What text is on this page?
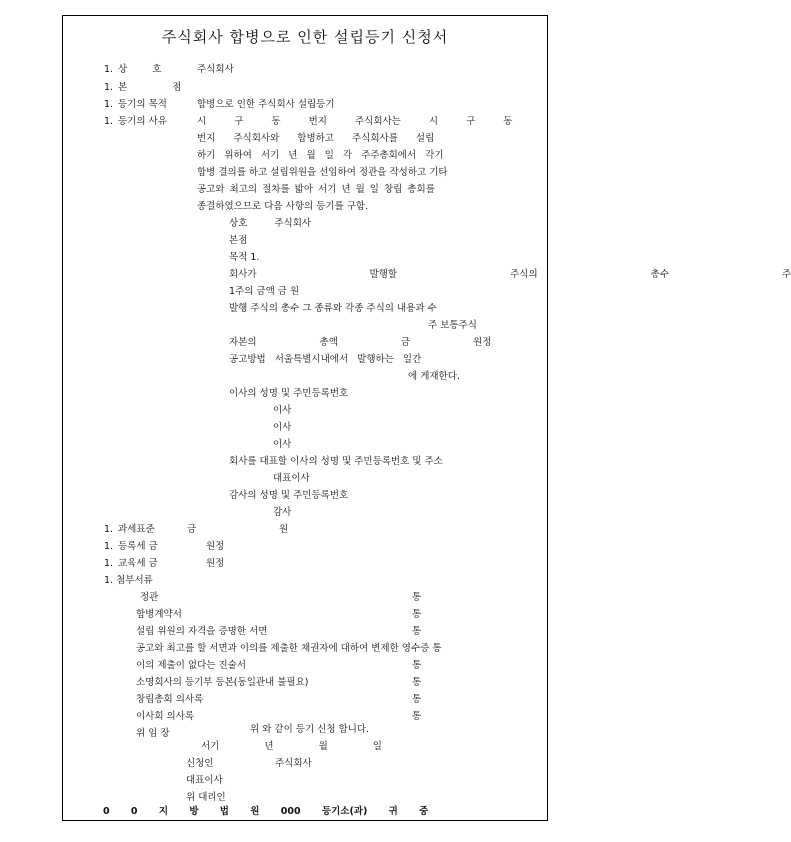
주식회사 합병으로 인한 설립등기 신청서
1. 상 호	주식회사
1. 본 점
1. 등기의 목적	합병으로 인한 주식회사 설립등기
1. 등기의 사유	시 구 동 번지 주식회사는 시 구 동
번지 주식회사와 합병하고 주식회사를 설립
하기 위하여 서기 년 월 일 각 주주총회에서 각기
합병 결의를 하고 설립위원을 선임하여 정관을 작성하고 기타
공고와 최고의 절차를 밟아 서기 년 월 일 창립 총회를
종결하였으므로 다음 사항의 등기를 구함.
상호 주식회사
본점
목적 1.
회사가 발행할 주식의 총수 주
1주의 금액 금 원
발행 주식의 총수 그 종류와 각종 주식의 내용과 수
주 보통주식
자본의 총액 금 원정
공고방법 서울특별시내에서 발행하는 일간
에 게재한다.
이사의 성명 및 주민등록번호
이사
이사
이사
회사를 대표할 이사의 성명 및 주민등록번호 및 주소
대표이사
감사의 성명 및 주민등록번호
감사
1. 과세표준	금	원
1. 등록세 금	원정
1. 교육세 금	원정
1. 첨부서류
정관	통
합병계약서	통
설립 위원의 자격을 증명한 서면	통
공고와 최고를 할 서면과 이의를 제출한 채권자에 대하여 변제한 영수증 통
이의 제출이 없다는 진술서	통
소명회사의 등기부 등본(동일관내 불필요)	통
창립총회 의사록	통
이사회 의사록	통
위 임 장	위 와 같이 등기 신청 합니다.
서기 년 월 일
신청인	주식회사
대표이사
위 대리인
0 0 지 방 법 원 000 등기소(과) 귀 중
